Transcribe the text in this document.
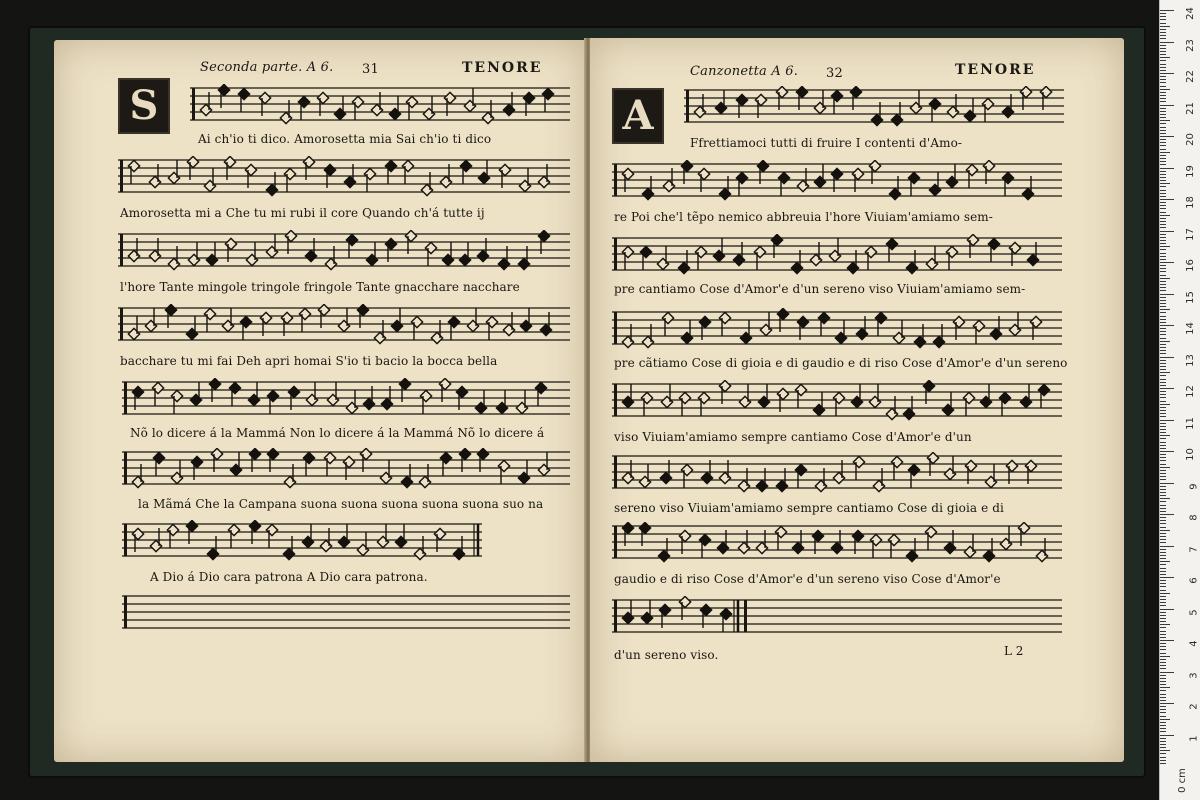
Seconda parte. A 6. 31	TENORE
S
Ai ch'io ti dico. Amorosetta mia Sai ch'io ti dico
Amorosetta mi a Che tu mi rubi il core Quando ch'á tutte ij
l'hore Tante mingole tringole fringole Tante gnacchare nacchare
bacchare tu mi fai Deh apri homai S'io ti bacio la bocca bella
Nõ lo dicere á la Mammá Non lo dicere á la Mammá Nõ lo dicere á
la Mãmá Che la Campana suona suona suona suona suona suo na
A Dio á Dio cara patrona A Dio cara patrona.
Canzonetta A 6. 32	TENORE
A
Ffrettiamoci tutti di fruire I contenti d'Amo-
re Poi che'l tẽpo nemico abbreuia l'hore Viuiam'amiamo sem-
pre cantiamo Cose d'Amor'e d'un sereno viso Viuiam'amiamo sem-
pre cãtiamo Cose di gioia e di gaudio e di riso Cose d'Amor'e d'un sereno
viso Viuiam'amiamo sempre cantiamo Cose d'Amor'e d'un
sereno viso Viuiam'amiamo sempre cantiamo Cose di gioia e di
gaudio e di riso Cose d'Amor'e d'un sereno viso Cose d'Amor'e
d'un sereno viso.	L 2
24
23
22
21
20
19
18
17
16
15
14
13
12
11
10
9
8
7
6
5
4
3
2
1
0 cm
